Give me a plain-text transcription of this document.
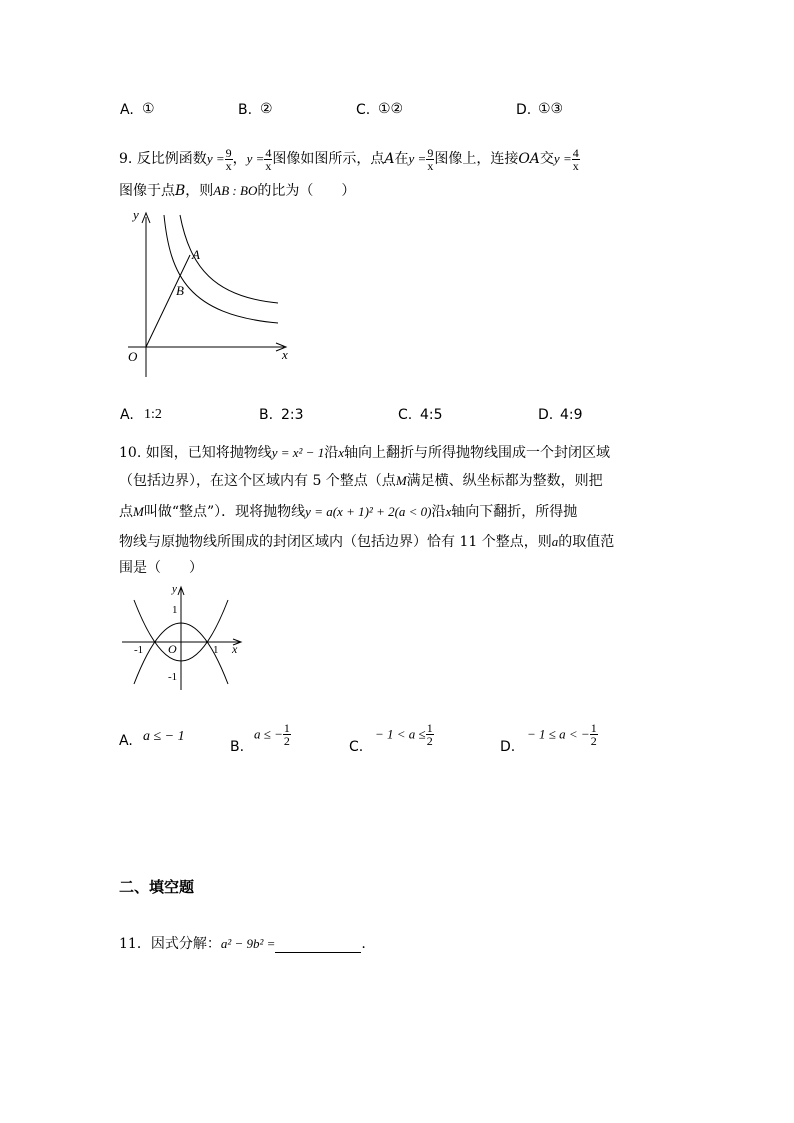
A. ①	B. ②	C. ①②	D. ①③
9. 反比例函数$y = \frac{9}{x}$ ，$y = \frac{4}{x}$ 图像如图所示，点A在$y = \frac{9}{x}$ 图像上，连接OA交$y = \frac{4}{x}$
图像于点B，则AB : BO的比为（　　）
y
x
O
A
B
A. 1:2	B. 2:3	C. 4:5	D. 4:9
10. 如图，已知将抛物线y = x² − 1沿x轴向上翻折与所得抛物线围成一个封闭区域
（包括边界），在这个区域内有 5 个整点（点M满足横、纵坐标都为整数，则把
点M叫做“整点”）．现将抛物线y = a(x + 1)² + 2(a < 0)沿x轴向下翻折，所得抛
物线与原抛物线所围成的封闭区域内（包括边界）恰有 11 个整点，则a的取值范
围是（　　）
y
x
O
1
-1
-1	1
A. a ≤ − 1
B.
a ≤ − $\frac{1}{2}$	C.
− $1 < a \le \frac{1}{2}$	D.
− 1 ≤ a < − $\frac{1}{2}$
二、填空题
11．因式分解：a² − 9b² =	.
